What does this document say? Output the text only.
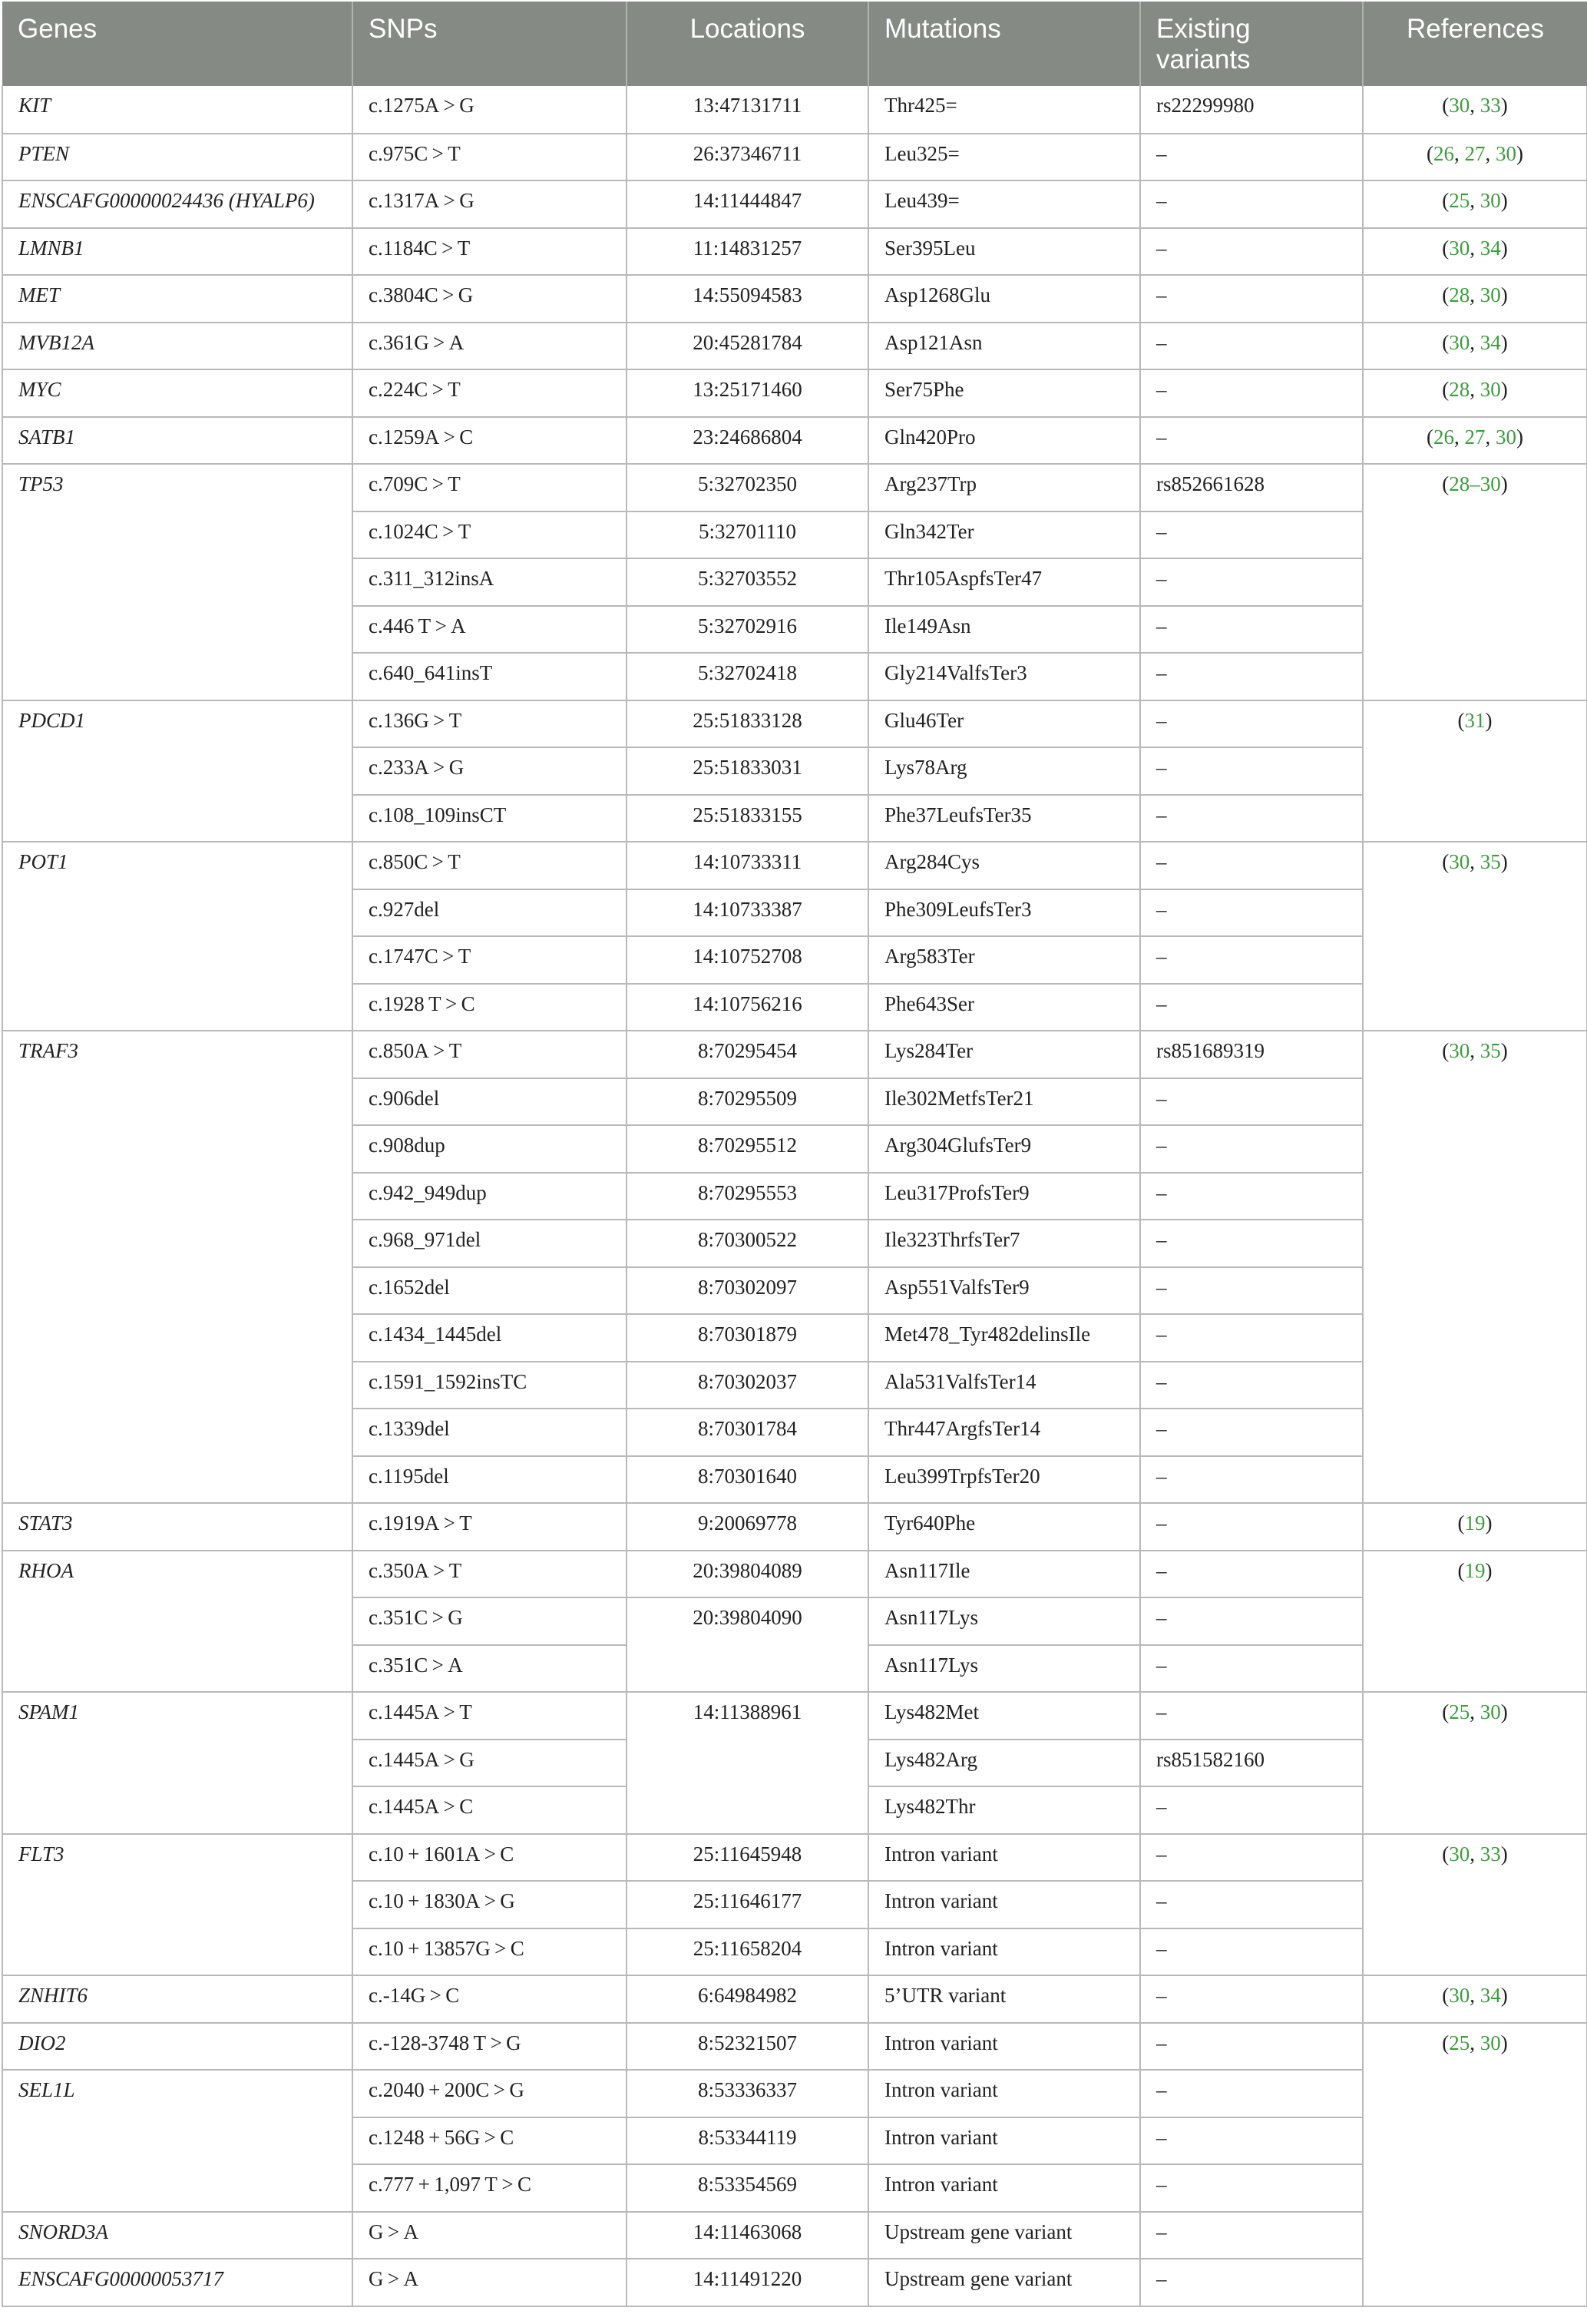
Genes	SNPs	Locations	Mutations	Existing variants	References
KIT	c.1275A > G	13:47131711	Thr425=	rs22299980	(30, 33)
PTEN	c.975C > T	26:37346711	Leu325=	–	(26, 27, 30)
ENSCAFG00000024436 (HYALP6)	c.1317A > G	14:11444847	Leu439=	–	(25, 30)
LMNB1	c.1184C > T	11:14831257	Ser395Leu	–	(30, 34)
MET	c.3804C > G	14:55094583	Asp1268Glu	–	(28, 30)
MVB12A	c.361G > A	20:45281784	Asp121Asn	–	(30, 34)
MYC	c.224C > T	13:25171460	Ser75Phe	–	(28, 30)
SATB1	c.1259A > C	23:24686804	Gln420Pro	–	(26, 27, 30)
TP53	c.709C > T	5:32702350	Arg237Trp	rs852661628	(28–30)
	c.1024C > T	5:32701110	Gln342Ter	–	
	c.311_312insA	5:32703552	Thr105AspfsTer47	–	
	c.446 T > A	5:32702916	Ile149Asn	–	
	c.640_641insT	5:32702418	Gly214ValfsTer3	–	
PDCD1	c.136G > T	25:51833128	Glu46Ter	–	(31)
	c.233A > G	25:51833031	Lys78Arg	–	
	c.108_109insCT	25:51833155	Phe37LeufsTer35	–	
POT1	c.850C > T	14:10733311	Arg284Cys	–	(30, 35)
	c.927del	14:10733387	Phe309LeufsTer3	–	
	c.1747C > T	14:10752708	Arg583Ter	–	
	c.1928 T > C	14:10756216	Phe643Ser	–	
TRAF3	c.850A > T	8:70295454	Lys284Ter	rs851689319	(30, 35)
	c.906del	8:70295509	Ile302MetfsTer21	–	
	c.908dup	8:70295512	Arg304GlufsTer9	–	
	c.942_949dup	8:70295553	Leu317ProfsTer9	–	
	c.968_971del	8:70300522	Ile323ThrfsTer7	–	
	c.1652del	8:70302097	Asp551ValfsTer9	–	
	c.1434_1445del	8:70301879	Met478_Tyr482delinsIle	–	
	c.1591_1592insTC	8:70302037	Ala531ValfsTer14	–	
	c.1339del	8:70301784	Thr447ArgfsTer14	–	
	c.1195del	8:70301640	Leu399TrpfsTer20	–	
STAT3	c.1919A > T	9:20069778	Tyr640Phe	–	(19)
RHOA	c.350A > T	20:39804089	Asn117Ile	–	(19)
	c.351C > G	20:39804090	Asn117Lys	–	
	c.351C > A		Asn117Lys	–	
SPAM1	c.1445A > T	14:11388961	Lys482Met	–	(25, 30)
	c.1445A > G		Lys482Arg	rs851582160	
	c.1445A > C		Lys482Thr	–	
FLT3	c.10 + 1601A > C	25:11645948	Intron variant	–	(30, 33)
	c.10 + 1830A > G	25:11646177	Intron variant	–	
	c.10 + 13857G > C	25:11658204	Intron variant	–	
ZNHIT6	c.-14G > C	6:64984982	5’UTR variant	–	(30, 34)
DIO2	c.-128-3748 T > G	8:52321507	Intron variant	–	(25, 30)
SEL1L	c.2040 + 200C > G	8:53336337	Intron variant	–	
	c.1248 + 56G > C	8:53344119	Intron variant	–	
	c.777 + 1,097 T > C	8:53354569	Intron variant	–	
SNORD3A	G > A	14:11463068	Upstream gene variant	–	
ENSCAFG00000053717	G > A	14:11491220	Upstream gene variant	–	
